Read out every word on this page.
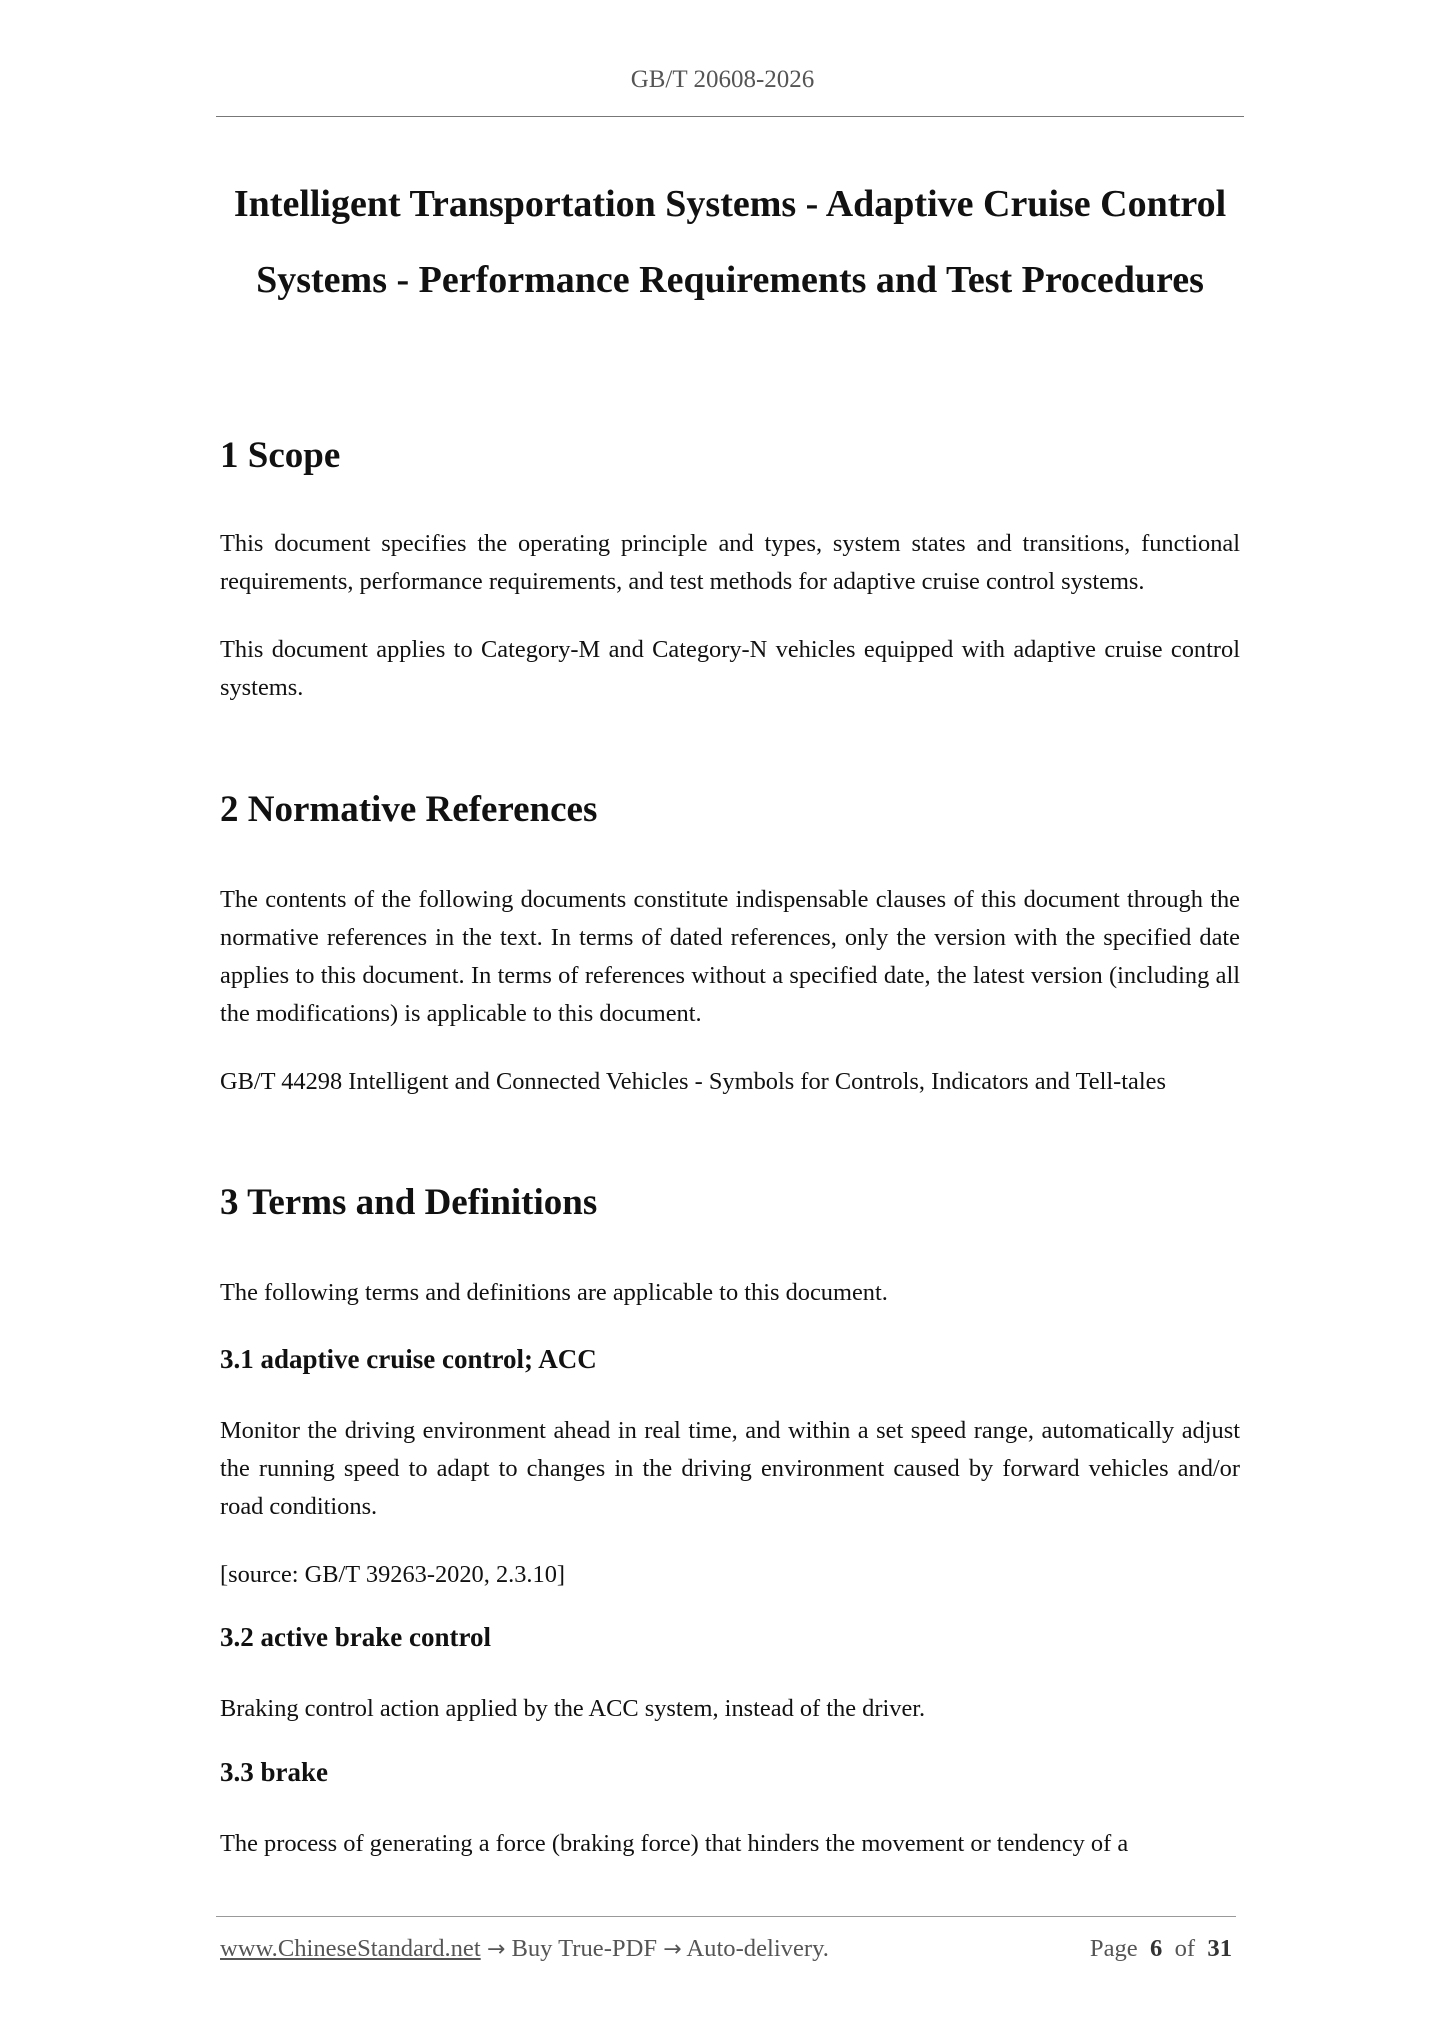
GB/T 20608-2026
Intelligent Transportation Systems - Adaptive Cruise Control Systems - Performance Requirements and Test Procedures
1 Scope

This document specifies the operating principle and types, system states and transitions, functional requirements, performance requirements, and test methods for adaptive cruise control systems.

This document applies to Category-M and Category-N vehicles equipped with adaptive cruise control systems.

2 Normative References

The contents of the following documents constitute indispensable clauses of this document through the normative references in the text. In terms of dated references, only the version with the specified date applies to this document. In terms of references without a specified date, the latest version (including all the modifications) is applicable to this document.

GB/T 44298 Intelligent and Connected Vehicles - Symbols for Controls, Indicators and Tell-tales

3 Terms and Definitions
The following terms and definitions are applicable to this document.
3.1 adaptive cruise control; ACC

Monitor the driving environment ahead in real time, and within a set speed range, automatically adjust the running speed to adapt to changes in the driving environment caused by forward vehicles and/or road conditions.

[source: GB/T 39263-2020, 2.3.10]

3.2 active brake control
Braking control action applied by the ACC system, instead of the driver.
3.3 brake
The process of generating a force (braking force) that hinders the movement or tendency of a
www.ChineseStandard.net → Buy True-PDF → Auto-delivery.	Page 6 of 31
